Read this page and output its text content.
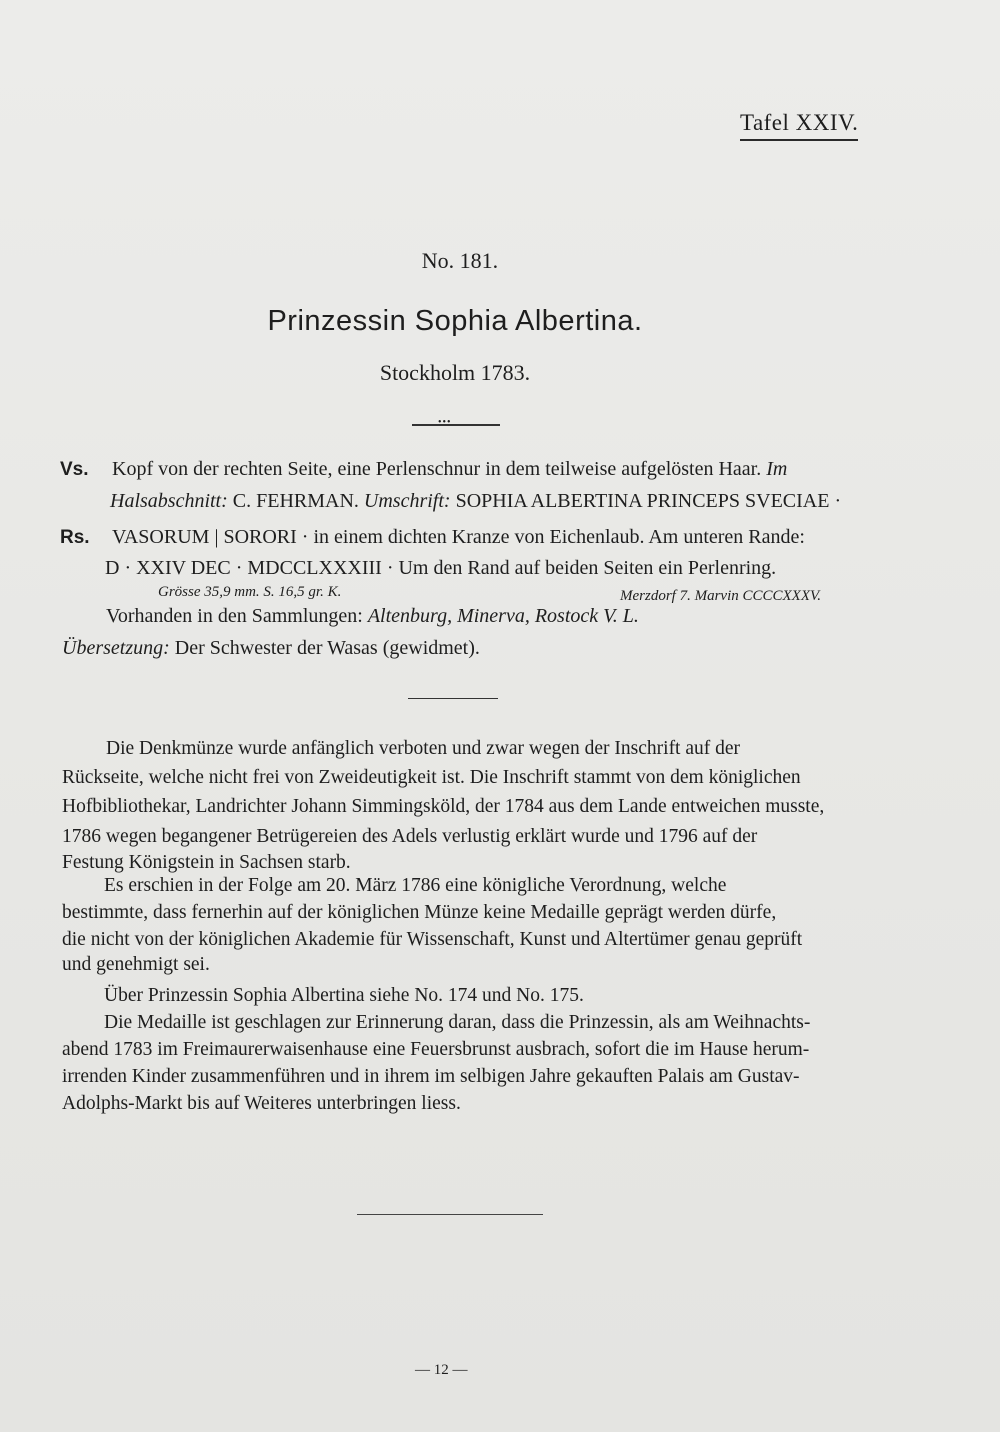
Tafel XXIV.
No. 181.
Prinzessin Sophia Albertina.
Stockholm 1783.
•••
Vs. Kopf von der rechten Seite, eine Perlenschnur in dem teilweise aufgelösten Haar. Im
Halsabschnitt: C. FEHRMAN. Umschrift: SOPHIA ALBERTINA PRINCEPS SVECIAE ·
Rs. VASORUM | SORORI · in einem dichten Kranze von Eichenlaub. Am unteren Rande:
D · XXIV DEC · MDCCLXXXIII · Um den Rand auf beiden Seiten ein Perlenring.
Grösse 35,9 mm. S. 16,5 gr. K.	Merzdorf 7. Marvin CCCCXXXV.
Vorhanden in den Sammlungen: Altenburg, Minerva, Rostock V. L.
Übersetzung: Der Schwester der Wasas (gewidmet).
Die Denkmünze wurde anfänglich verboten und zwar wegen der Inschrift auf der
Rückseite, welche nicht frei von Zweideutigkeit ist. Die Inschrift stammt von dem königlichen
Hofbibliothekar, Landrichter Johann Simmingsköld, der 1784 aus dem Lande entweichen musste,
1786 wegen begangener Betrügereien des Adels verlustig erklärt wurde und 1796 auf der
Festung Königstein in Sachsen starb.
Es erschien in der Folge am 20. März 1786 eine königliche Verordnung, welche
bestimmte, dass fernerhin auf der königlichen Münze keine Medaille geprägt werden dürfe,
die nicht von der königlichen Akademie für Wissenschaft, Kunst und Altertümer genau geprüft
und genehmigt sei.
Über Prinzessin Sophia Albertina siehe No. 174 und No. 175.
Die Medaille ist geschlagen zur Erinnerung daran, dass die Prinzessin, als am Weihnachts-
abend 1783 im Freimaurerwaisenhause eine Feuersbrunst ausbrach, sofort die im Hause herum-
irrenden Kinder zusammenführen und in ihrem im selbigen Jahre gekauften Palais am Gustav-
Adolphs-Markt bis auf Weiteres unterbringen liess.
— 12 —
